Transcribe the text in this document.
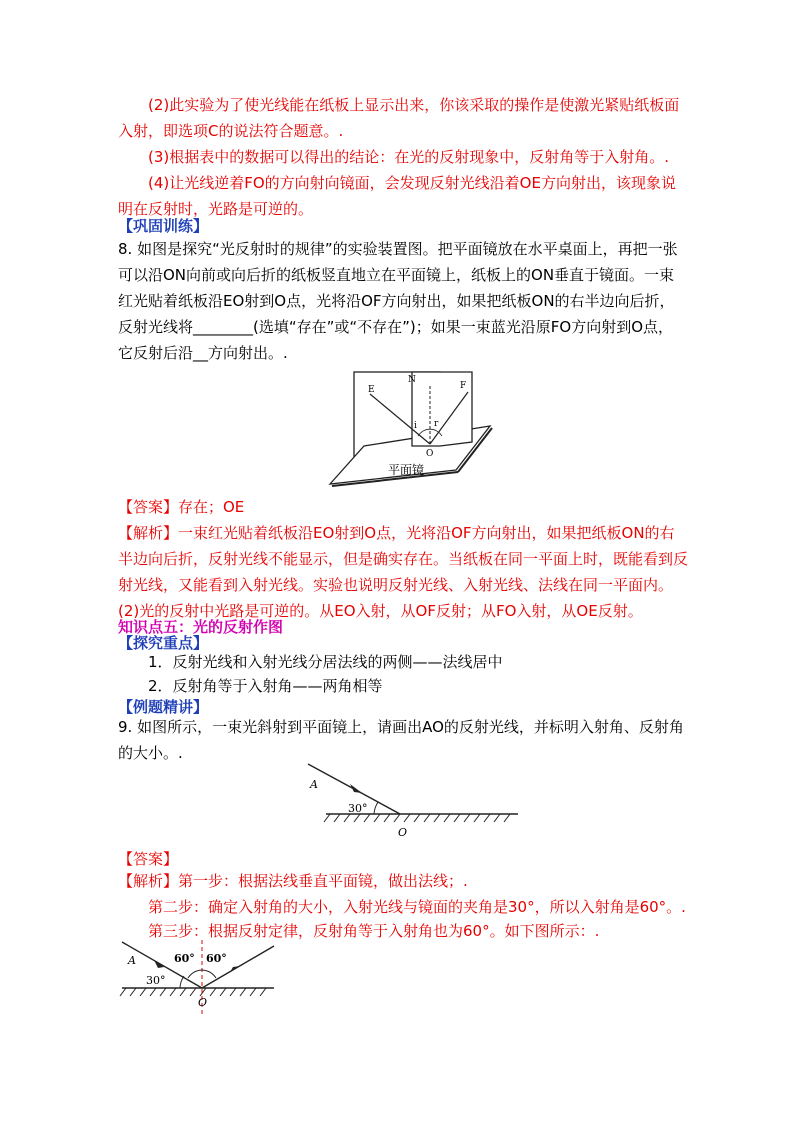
(2)此实验为了使光线能在纸板上显示出来，你该采取的操作是使激光紧贴纸板面入射，即选项C的说法符合题意。.
(3)根据表中的数据可以得出的结论：在光的反射现象中，反射角等于入射角。.
(4)让光线逆着FO的方向射向镜面，会发现反射光线沿着OE方向射出，该现象说明在反射时，光路是可逆的。
【巩固训练】
8. 如图是探究“光反射时的规律”的实验装置图。把平面镜放在水平桌面上，再把一张可以沿ON向前或向后折的纸板竖直地立在平面镜上，纸板上的ON垂直于镜面。一束红光贴着纸板沿EO射到O点，光将沿OF方向射出，如果把纸板ON的右半边向后折，反射光线将________(选填“存在”或“不存在”)；如果一束蓝光沿原FO方向射到O点，它反射后沿__方向射出。.
E
N
F
i r
O
平面镜
【答案】存在；OE
【解析】一束红光贴着纸板沿EO射到O点，光将沿OF方向射出，如果把纸板ON的右半边向后折，反射光线不能显示，但是确实存在。当纸板在同一平面上时，既能看到反射光线，又能看到入射光线。实验也说明反射光线、入射光线、法线在同一平面内。(2)光的反射中光路是可逆的。从EO入射，从OF反射；从FO入射，从OE反射。
知识点五：光的反射作图
【探究重点】
1．反射光线和入射光线分居法线的两侧——法线居中
2．反射角等于入射角——两角相等
【例题精讲】
9. 如图所示，一束光斜射到平面镜上，请画出AO的反射光线，并标明入射角、反射角的大小。.
A
30°
O
【答案】
【解析】第一步：根据法线垂直平面镜，做出法线；.
第二步：确定入射角的大小，入射光线与镜面的夹角是30°，所以入射角是60°。.
第三步：根据反射定律，反射角等于入射角也为60°。如下图所示：.
A
30°
60° 60°
O
